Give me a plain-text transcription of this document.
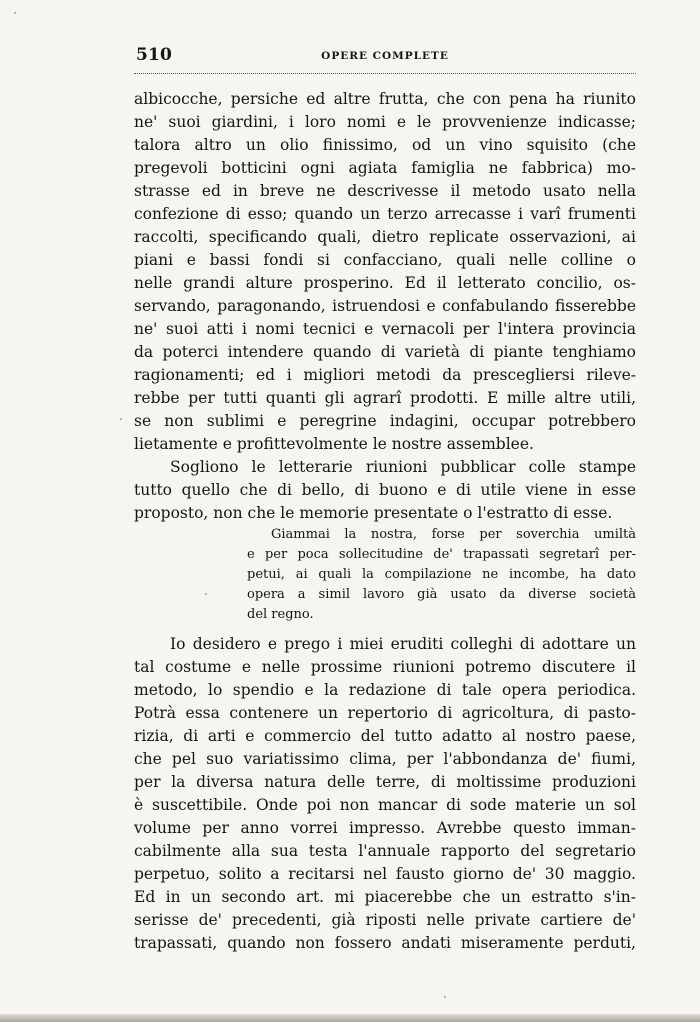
510	OPERE COMPLETE
albicocche, persiche ed altre frutta, che con pena ha riunito
ne' suoi giardini, i loro nomi e le provvenienze indicasse;
talora altro un olio finissimo, od un vino squisito (che
pregevoli botticini ogni agiata famiglia ne fabbrica) mo-
strasse ed in breve ne descrivesse il metodo usato nella
confezione di esso; quando un terzo arrecasse i varî frumenti
raccolti, specificando quali, dietro replicate osservazioni, ai
piani e bassi fondi si confacciano, quali nelle colline o
nelle grandi alture prosperino. Ed il letterato concilio, os-
servando, paragonando, istruendosi e confabulando fisserebbe
ne' suoi atti i nomi tecnici e vernacoli per l'intera provincia
da poterci intendere quando di varietà di piante tenghiamo
ragionamenti; ed i migliori metodi da prescegliersi rileve-
rebbe per tutti quanti gli agrarî prodotti. E mille altre utili,
se non sublimi e peregrine indagini, occupar potrebbero
lietamente e profittevolmente le nostre assemblee.
Sogliono le letterarie riunioni pubblicar colle stampe
tutto quello che di bello, di buono e di utile viene in esse
proposto, non che le memorie presentate o l'estratto di esse.
Giammai la nostra, forse per soverchia umiltà
e per poca sollecitudine de' trapassati segretarî per-
petui, ai quali la compilazione ne incombe, ha dato
opera a simil lavoro già usato da diverse società
del regno.
Io desidero e prego i miei eruditi colleghi di adottare un
tal costume e nelle prossime riunioni potremo discutere il
metodo, lo spendio e la redazione di tale opera periodica.
Potrà essa contenere un repertorio di agricoltura, di pasto-
rizia, di arti e commercio del tutto adatto al nostro paese,
che pel suo variatissimo clima, per l'abbondanza de' fiumi,
per la diversa natura delle terre, di moltissime produzioni
è suscettibile. Onde poi non mancar di sode materie un sol
volume per anno vorrei impresso. Avrebbe questo imman-
cabilmente alla sua testa l'annuale rapporto del segretario
perpetuo, solito a recitarsi nel fausto giorno de' 30 maggio.
Ed in un secondo art. mi piacerebbe che un estratto s'in-
serisse de' precedenti, già riposti nelle private cartiere de'
trapassati, quando non fossero andati miseramente perduti,
